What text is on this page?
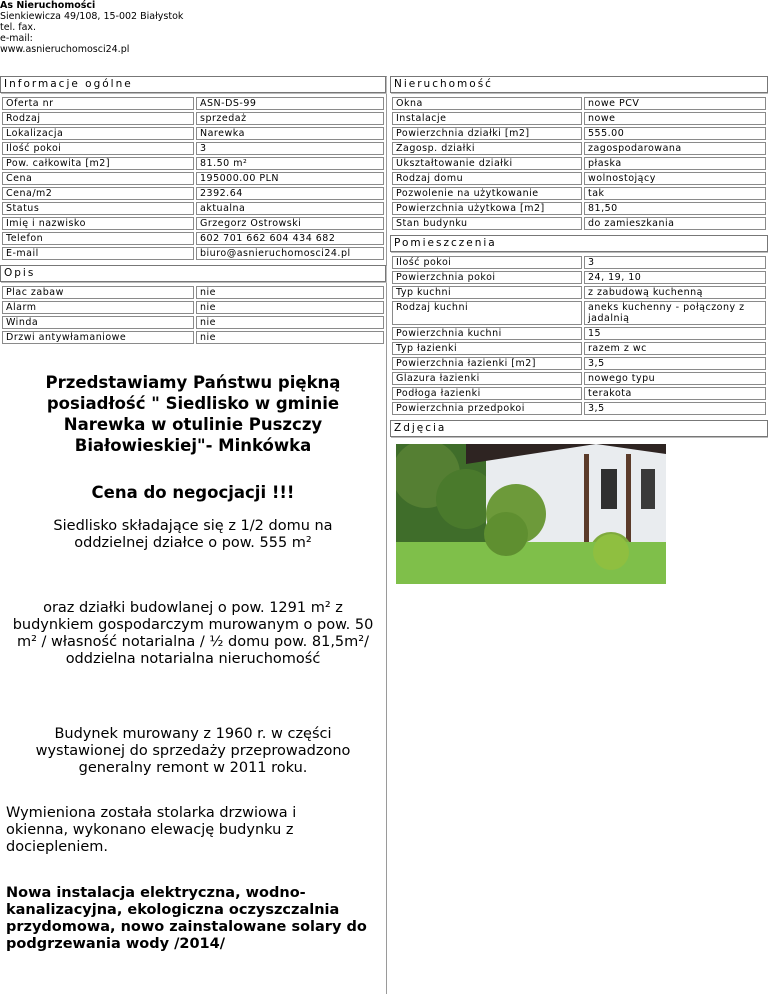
As Nieruchomości
Sienkiewicza 49/108, 15-002 Białystok
tel. fax.
e-mail:
www.asnieruchomosci24.pl
Informacje ogólne
Oferta nr	ASN-DS-99
Rodzaj	sprzedaż
Lokalizacja	Narewka
Ilość pokoi	3
Pow. całkowita [m2]	81.50 m²
Cena	195000.00 PLN
Cena/m2	2392.64
Status	aktualna
Imię i nazwisko	Grzegorz Ostrowski
Telefon	602 701 662 604 434 682
E-mail	biuro@asnieruchomosci24.pl
Opis
Plac zabaw	nie
Alarm	nie
Winda	nie
Drzwi antywłamaniowe	nie

Przedstawiamy Państwu piękną posiadłość " Siedlisko w gminie Narewka w otulinie Puszczy Białowieskiej"- Minkówka

Cena do negocjacji !!!

Siedlisko składające się z 1/2 domu na oddzielnej działce o pow. 555 m²

oraz działki budowlanej o pow. 1291 m² z budynkiem gospodarczym murowanym o pow. 50 m² / własność notarialna / ½ domu pow. 81,5m²/ oddzielna notarialna nieruchomość

Budynek murowany z 1960 r. w części wystawionej do sprzedaży przeprowadzono generalny remont w 2011 roku.

Wymieniona została stolarka drzwiowa i okienna, wykonano elewację budynku z dociepleniem.

Nowa instalacja elektryczna, wodno-kanalizacyjna, ekologiczna oczyszczalnia przydomowa, nowo zainstalowane solary do podgrzewania wody /2014/

Nieruchomość
Okna	nowe PCV
Instalacje	nowe
Powierzchnia działki [m2]	555.00
Zagosp. działki	zagospodarowana
Ukształtowanie działki	płaska
Rodzaj domu	wolnostojący
Pozwolenie na użytkowanie	tak
Powierzchnia użytkowa [m2]	81,50
Stan budynku	do zamieszkania
Pomieszczenia
Ilość pokoi	3
Powierzchnia pokoi	24, 19, 10
Typ kuchni	z zabudową kuchenną
Rodzaj kuchni	aneks kuchenny - połączony z jadalnią
Powierzchnia kuchni	15
Typ łazienki	razem z wc
Powierzchnia łazienki [m2]	3,5
Glazura łazienki	nowego typu
Podłoga łazienki	terakota
Powierzchnia przedpokoi	3,5
Zdjęcia
